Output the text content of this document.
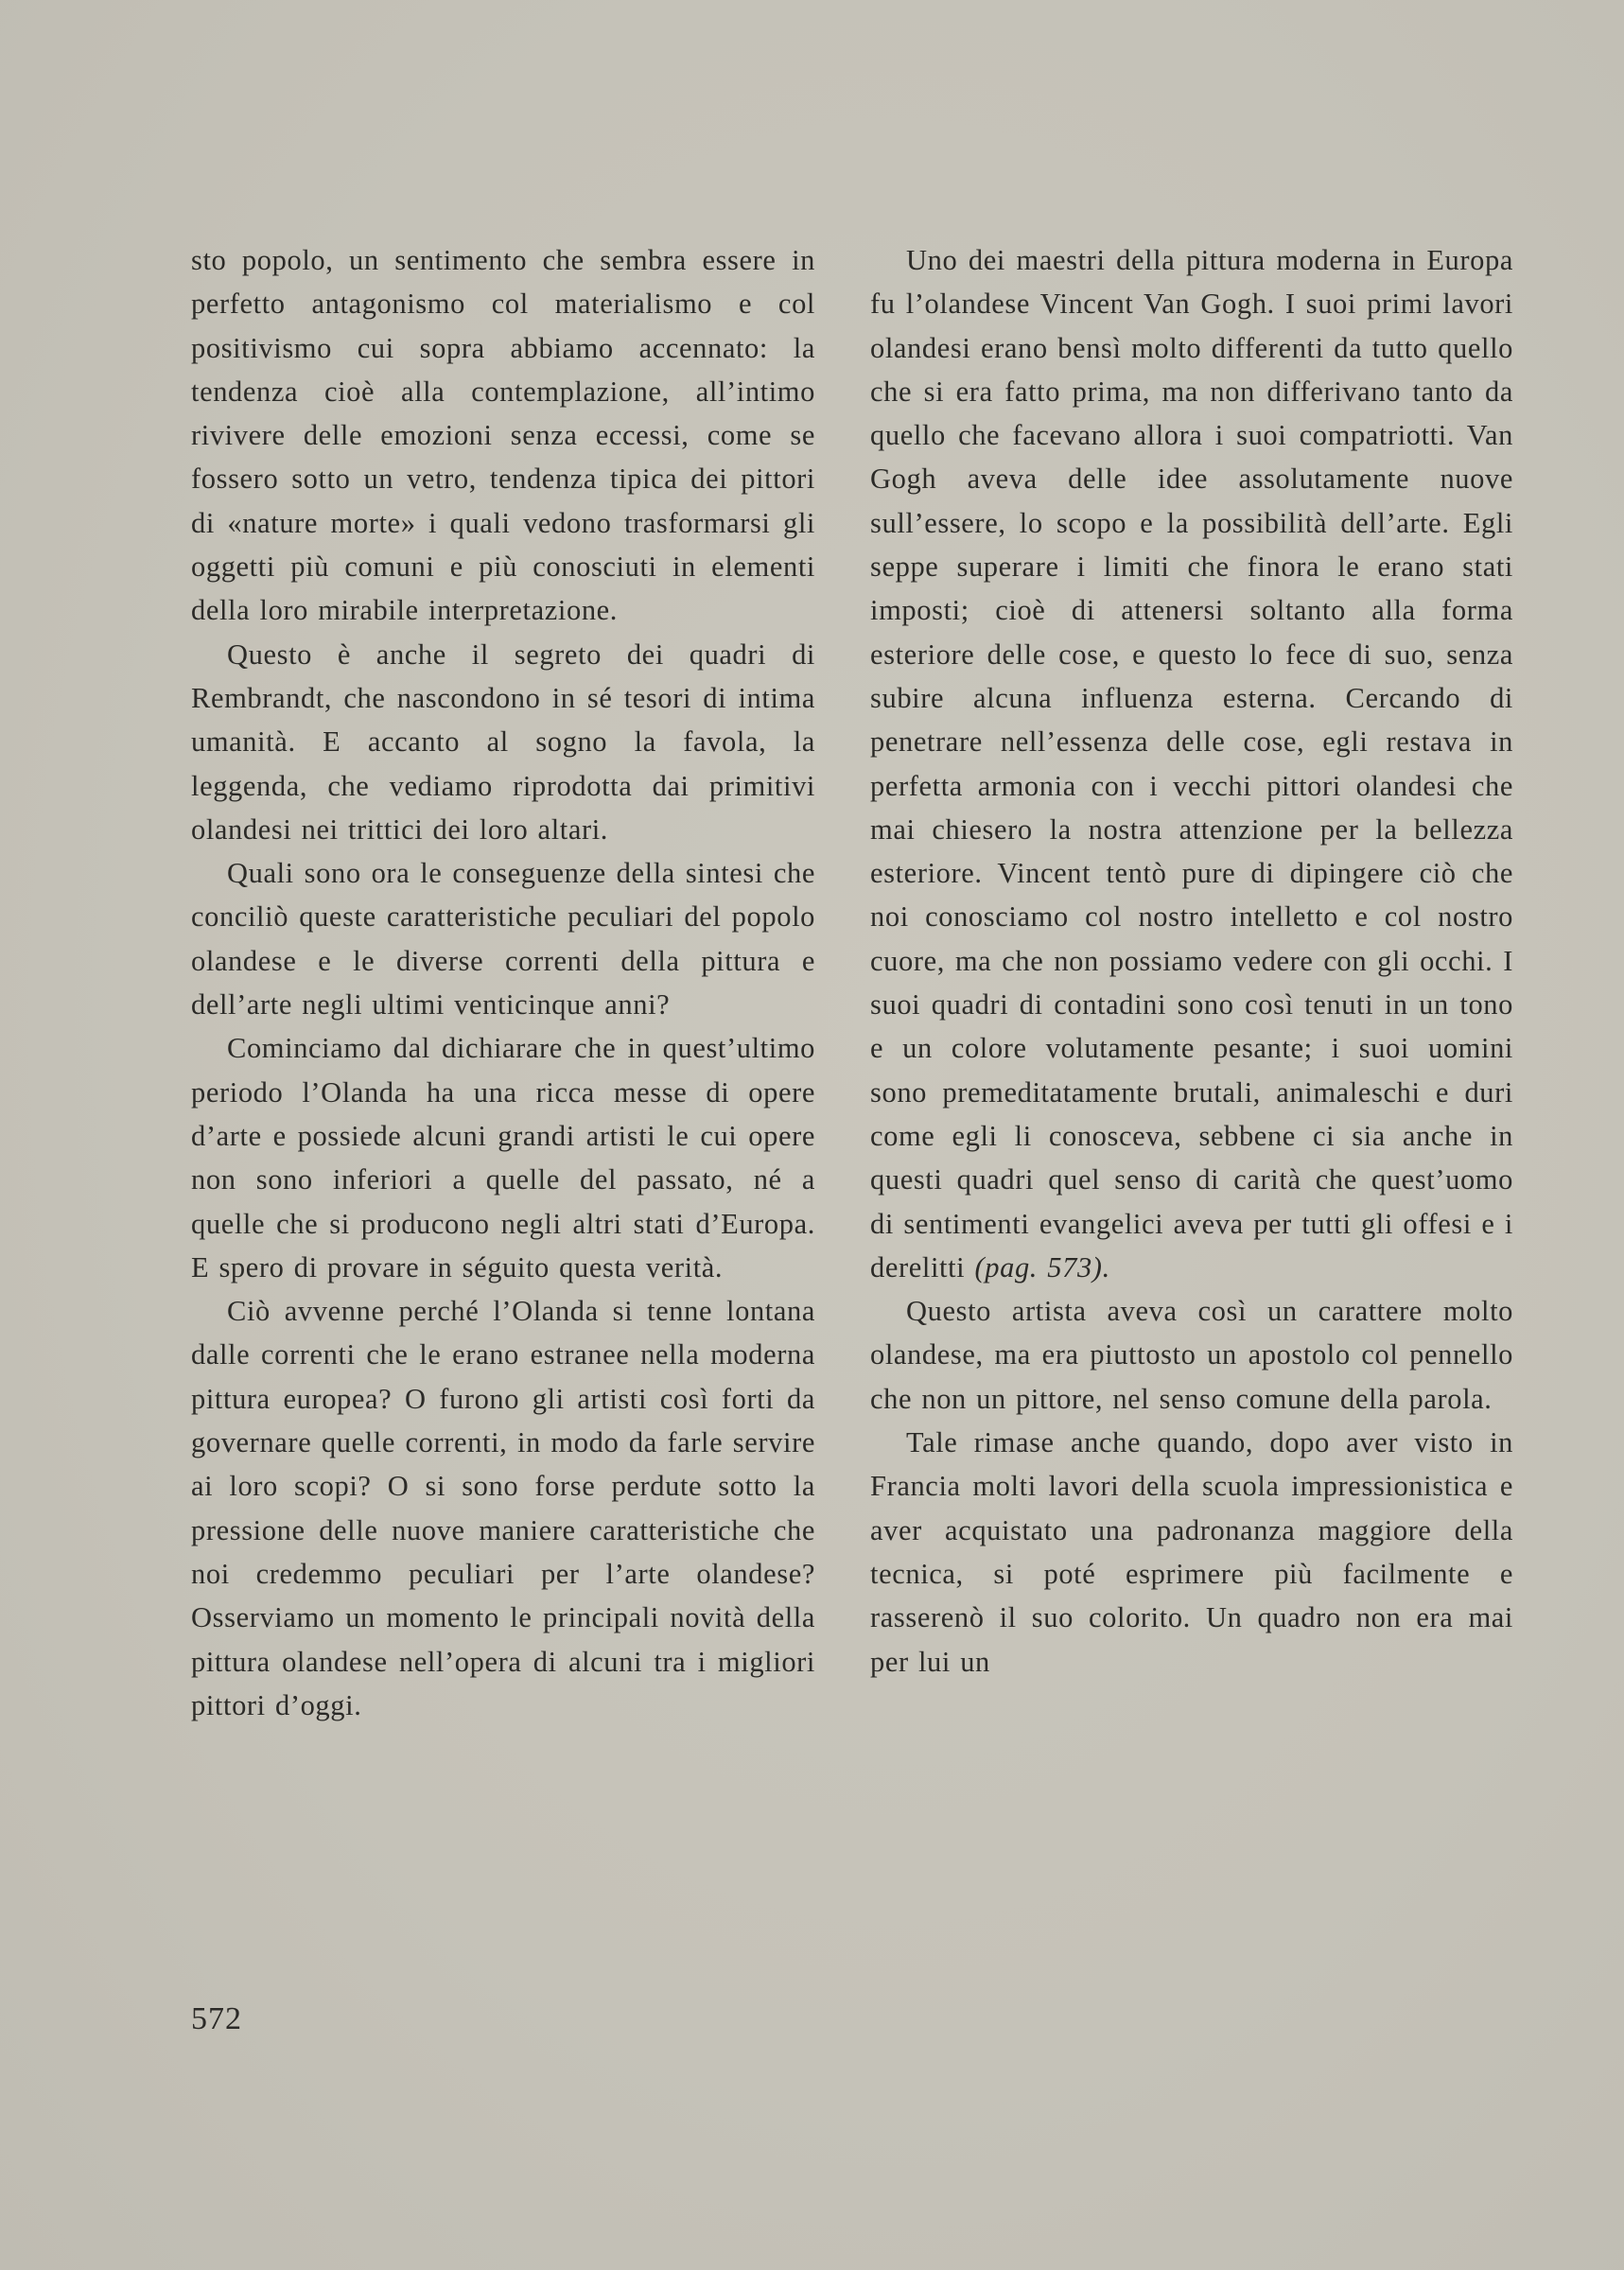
sto popolo, un sentimento che sembra essere in perfetto antagonismo col materialismo e col positivismo cui sopra abbiamo accennato: la tendenza cioè alla contemplazione, all’intimo rivivere delle emozioni senza eccessi, come se fossero sotto un vetro, tendenza tipica dei pittori di «nature morte» i quali vedono trasformarsi gli oggetti più comuni e più conosciuti in elementi della loro mirabile interpretazione.

Questo è anche il segreto dei quadri di Rembrandt, che nascondono in sé tesori di intima umanità. E accanto al sogno la favola, la leggenda, che vediamo riprodotta dai primitivi olandesi nei trittici dei loro altari.

Quali sono ora le conseguenze della sintesi che conciliò queste caratteristiche peculiari del popolo olandese e le diverse correnti della pittura e dell’arte negli ultimi venticinque anni?

Cominciamo dal dichiarare che in quest’ultimo periodo l’Olanda ha una ricca messe di opere d’arte e possiede alcuni grandi artisti le cui opere non sono inferiori a quelle del passato, né a quelle che si producono negli altri stati d’Europa. E spero di provare in séguito questa verità.

Ciò avvenne perché l’Olanda si tenne lontana dalle correnti che le erano estranee nella moderna pittura europea? O furono gli artisti così forti da governare quelle correnti, in modo da farle servire ai loro scopi? O si sono forse perdute sotto la pressione delle nuove maniere caratteristiche che noi credemmo peculiari per l’arte olandese? Osserviamo un momento le principali novità della pittura olandese nell’opera di alcuni tra i migliori pittori d’oggi.

Uno dei maestri della pittura moderna in Europa fu l’olandese Vincent Van Gogh. I suoi primi lavori olandesi erano bensì molto differenti da tutto quello che si era fatto prima, ma non differivano tanto da quello che facevano allora i suoi compatriotti. Van Gogh aveva delle idee assolutamente nuove sull’essere, lo scopo e la possibilità dell’arte. Egli seppe superare i limiti che finora le erano stati imposti; cioè di attenersi soltanto alla forma esteriore delle cose, e questo lo fece di suo, senza subire alcuna influenza esterna. Cercando di penetrare nell’essenza delle cose, egli restava in perfetta armonia con i vecchi pittori olandesi che mai chiesero la nostra attenzione per la bellezza esteriore. Vincent tentò pure di dipingere ciò che noi conosciamo col nostro intelletto e col nostro cuore, ma che non possiamo vedere con gli occhi. I suoi quadri di contadini sono così tenuti in un tono e un colore volutamente pesante; i suoi uomini sono premeditatamente brutali, animaleschi e duri come egli li conosceva, sebbene ci sia anche in questi quadri quel senso di carità che quest’uomo di sentimenti evangelici aveva per tutti gli offesi e i derelitti (pag. 573).

Questo artista aveva così un carattere molto olandese, ma era piuttosto un apostolo col pennello che non un pittore, nel senso comune della parola.

Tale rimase anche quando, dopo aver visto in Francia molti lavori della scuola impressionistica e aver acquistato una padronanza maggiore della tecnica, si poté esprimere più facilmente e rasserenò il suo colorito. Un quadro non era mai per lui un

572
